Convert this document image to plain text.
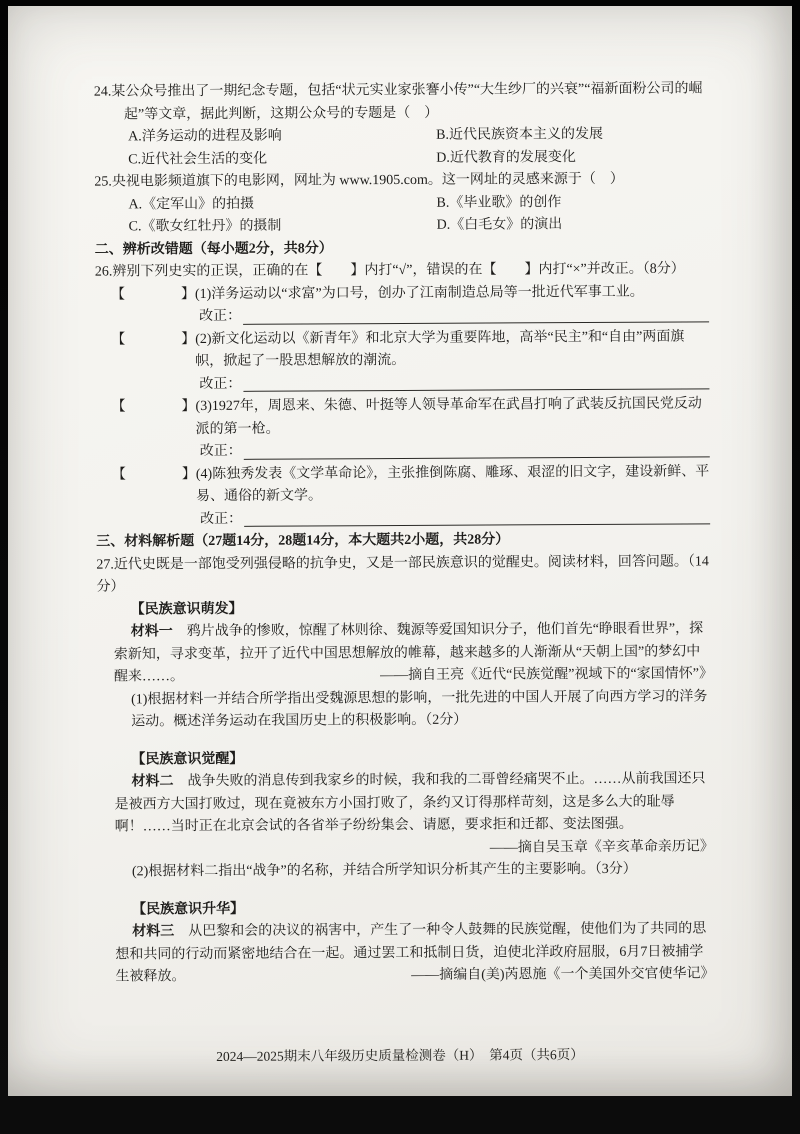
24.某公众号推出了一期纪念专题，包括“状元实业家张謇小传”“大生纱厂的兴衰”“福新面粉公司的崛起”等文章，据此判断，这期公众号的专题是（　）
A.洋务运动的进程及影响	B.近代民族资本主义的发展
C.近代社会生活的变化	D.近代教育的发展变化
25.央视电影频道旗下的电影网，网址为 www.1905.com。这一网址的灵感来源于（　）
A.《定军山》的拍摄	B.《毕业歌》的创作
C.《歌女红牡丹》的摄制	D.《白毛女》的演出
二、辨析改错题（每小题2分，共8分）
26.辨别下列史实的正误，正确的在【　　】内打“√”，错误的在【　　】内打“×”并改正。（8分）
【　　　　】 (1)洋务运动以“求富”为口号，创办了江南制造总局等一批近代军事工业。
改正：
【　　　　】 (2)新文化运动以《新青年》和北京大学为重要阵地，高举“民主”和“自由”两面旗帜，掀起了一股思想解放的潮流。
改正：
【　　　　】 (3)1927年，周恩来、朱德、叶挺等人领导革命军在武昌打响了武装反抗国民党反动派的第一枪。
改正：
【　　　　】 (4)陈独秀发表《文学革命论》，主张推倒陈腐、雕琢、艰涩的旧文字，建设新鲜、平易、通俗的新文学。
改正：
三、材料解析题（27题14分，28题14分，本大题共2小题，共28分）
27.近代史既是一部饱受列强侵略的抗争史，又是一部民族意识的觉醒史。阅读材料，回答问题。（14分）
【民族意识萌发】
材料一 鸦片战争的惨败，惊醒了林则徐、魏源等爱国知识分子，他们首先“睁眼看世界”，探索新知，寻求变革，拉开了近代中国思想解放的帷幕，越来越多的人渐渐从“天朝上国”的梦幻中醒来……。	——摘自王亮《近代“民族觉醒”视域下的“家国情怀”》
(1)根据材料一并结合所学指出受魏源思想的影响，一批先进的中国人开展了向西方学习的洋务运动。概述洋务运动在我国历史上的积极影响。（2分）
【民族意识觉醒】
材料二 战争失败的消息传到我家乡的时候，我和我的二哥曾经痛哭不止。……从前我国还只是被西方大国打败过，现在竟被东方小国打败了，条约又订得那样苛刻，这是多么大的耻辱啊！……当时正在北京会试的各省举子纷纷集会、请愿，要求拒和迁都、变法图强。
——摘自吴玉章《辛亥革命亲历记》
(2)根据材料二指出“战争”的名称，并结合所学知识分析其产生的主要影响。（3分）
【民族意识升华】
材料三 从巴黎和会的决议的祸害中，产生了一种令人鼓舞的民族觉醒，使他们为了共同的思想和共同的行动而紧密地结合在一起。通过罢工和抵制日货，迫使北洋政府屈服，6月7日被捕学生被释放。	——摘编自(美)芮恩施《一个美国外交官使华记》
2024—2025期末八年级历史质量检测卷（H）　第4页（共6页）
